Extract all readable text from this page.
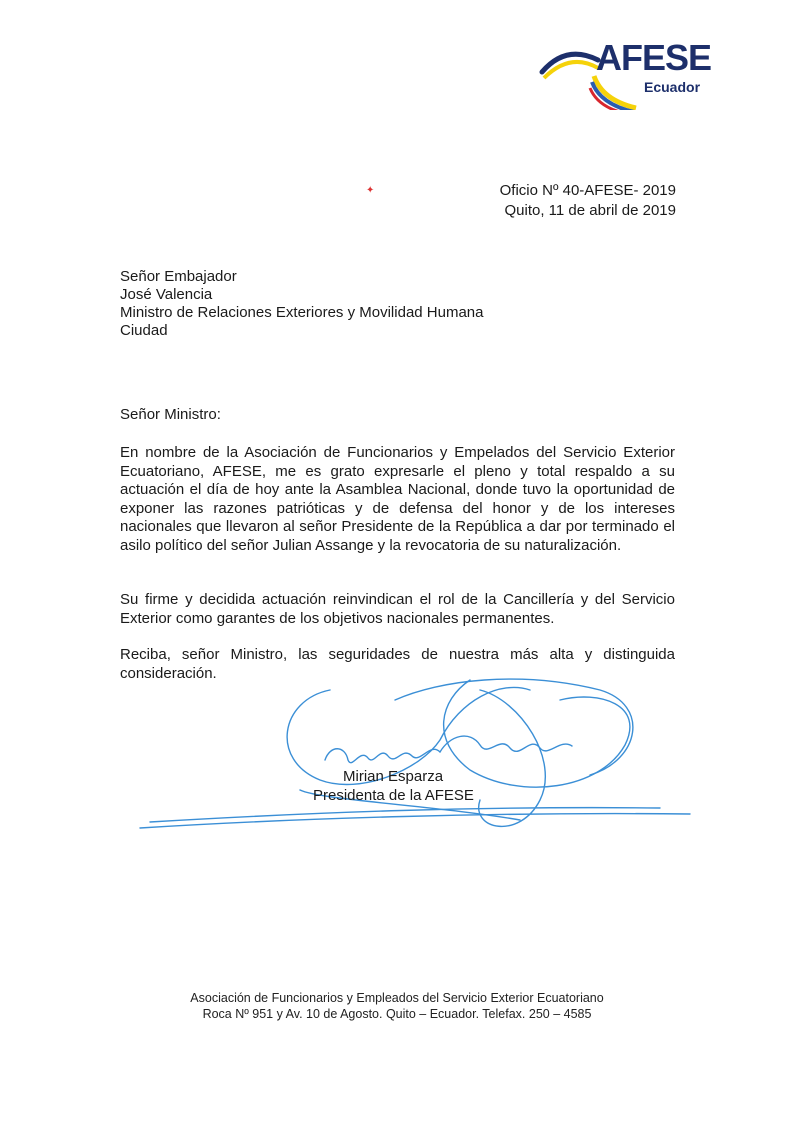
AFESE
Ecuador
✦	Oficio Nº 40-AFESE- 2019
Quito, 11 de abril de 2019
Señor Embajador
José Valencia
Ministro de Relaciones Exteriores y Movilidad Humana
Ciudad
Señor Ministro:

En nombre de la Asociación de Funcionarios y Empelados del Servicio Exterior Ecuatoriano, AFESE, me es grato expresarle el pleno y total respaldo a su actuación el día de hoy ante la Asamblea Nacional, donde tuvo la oportunidad de exponer las razones patrióticas y de defensa del honor y de los intereses nacionales que llevaron al señor Presidente de la República a dar por terminado el asilo político del señor Julian Assange y la revocatoria de su naturalización.

Su firme y decidida actuación reinvindican el rol de la Cancillería y del Servicio Exterior como garantes de los objetivos nacionales permanentes.

Reciba, señor Ministro, las seguridades de nuestra más alta y distinguida consideración.

Mirian Esparza
Presidenta de la AFESE
Asociación de Funcionarios y Empleados del Servicio Exterior Ecuatoriano
Roca Nº 951 y Av. 10 de Agosto. Quito – Ecuador. Telefax. 250 – 4585
